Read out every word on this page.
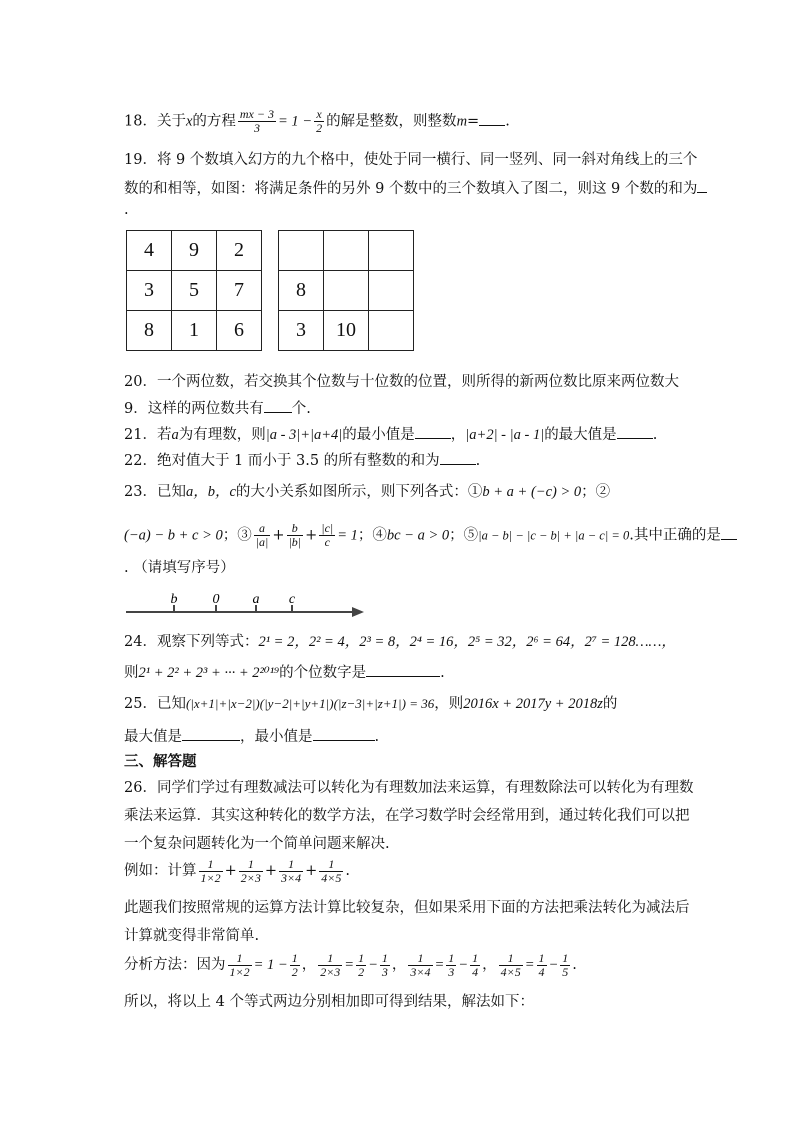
18．关于x的方程 $\frac{mx - 3}{3} = 1 - \frac{x}{2}$ 的解是整数，则整数m= .
19．将 9 个数填入幻方的九个格中，使处于同一横行、同一竖列、同一斜对角线上的三个
数的和相等，如图：将满足条件的另外 9 个数中的三个数填入了图二，则这 9 个数的和为
.
4	9	2
3	5	7
8	1	6

8		
3	10	
20．一个两位数，若交换其个位数与十位数的位置，则所得的新两位数比原来两位数大
9．这样的两位数共有 个.
21．若a为有理数，则|a - 3|+|a+4|的最小值是 ，|a+2| - |a - 1|的最大值是 .
22．绝对值大于 1 而小于 3.5 的所有整数的和为 .
23．已知a，b，c的大小关系如图所示，则下列各式：①b + a + (−c) > 0；②
(−a) − b + c > 0；③ $\frac{a}{|a|} + \frac{b}{|b|} + \frac{|c|}{c} = 1$；④bc − a > 0；⑤|a − b| − |c − b| + |a − c| = 0.其中正确的是
. （请填写序号）
b	0 a c
24．观察下列等式：2¹ = 2，2² = 4，2³ = 8，2⁴ = 16，2⁵ = 32，2⁶ = 64，2⁷ = 128……，
则2¹ + 2² + 2³ + ··· + 2²⁰¹⁹的个位数字是	.
25．已知(|x+1|+|x−2|)(|y−2|+|y+1|)(|z−3|+|z+1|) = 36，则2016x + 2017y + 2018z的
最大值是	，最小值是	.
三、解答题
26．同学们学过有理数减法可以转化为有理数加法来运算，有理数除法可以转化为有理数
乘法来运算．其实这种转化的数学方法，在学习数学时会经常用到，通过转化我们可以把
一个复杂问题转化为一个简单问题来解决.
例如：计算 $\frac{1}{1\times 2} + \frac{1}{2\times 3} + \frac{1}{3\times 4} + \frac{1}{4\times 5}$ .
此题我们按照常规的运算方法计算比较复杂，但如果采用下面的方法把乘法转化为减法后
计算就变得非常简单.
分析方法：因为 $\frac{1}{1\times 2} = 1 - \frac{1}{2}$ ， $\frac{1}{2\times 3} = \frac{1}{2} - \frac{1}{3}$ ， $\frac{1}{3\times 4} = \frac{1}{3} - \frac{1}{4}$ ， $\frac{1}{4\times 5} = \frac{1}{4} - \frac{1}{5}$ .
所以，将以上 4 个等式两边分别相加即可得到结果，解法如下：
